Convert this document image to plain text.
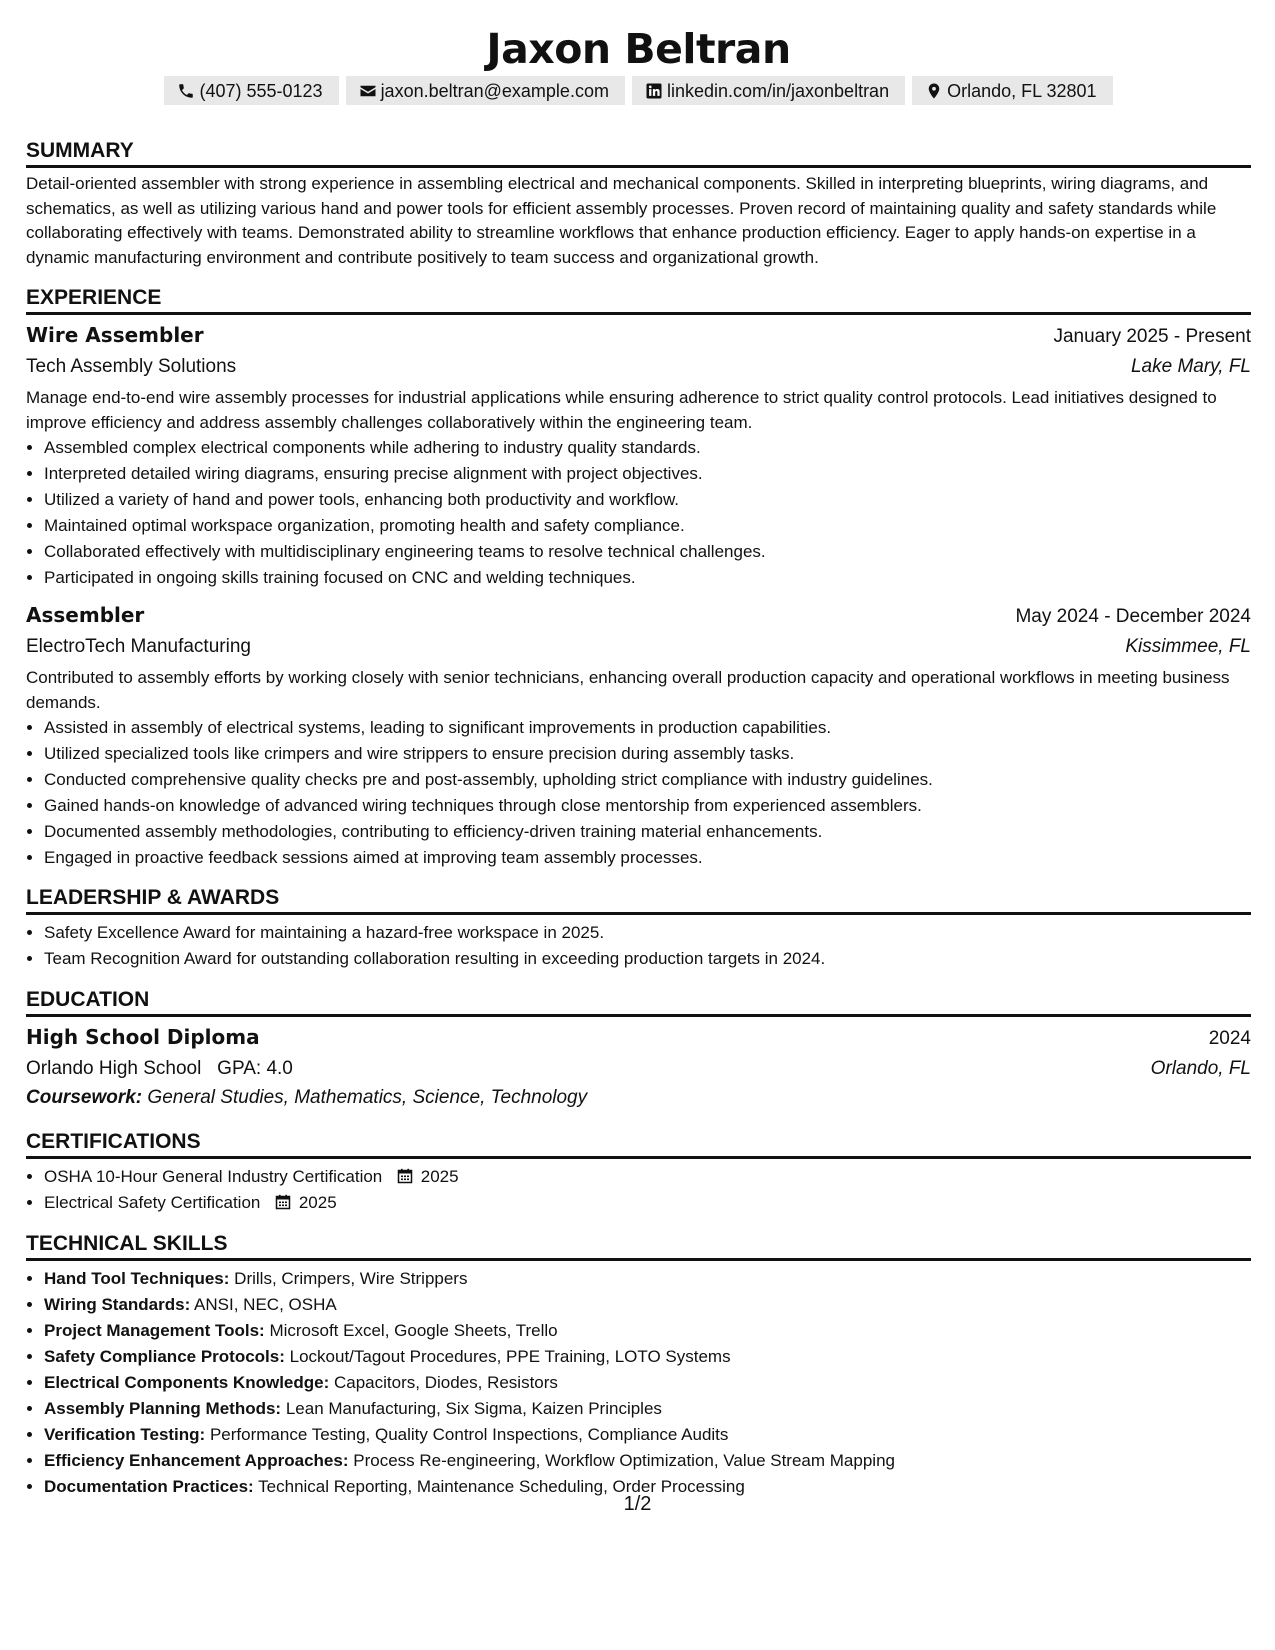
Jaxon Beltran
(407) 555-0123	jaxon.beltran@example.com	linkedin.com/in/jaxonbeltran	Orlando, FL 32801
SUMMARY

Detail-oriented assembler with strong experience in assembling electrical and mechanical components. Skilled in interpreting blueprints, wiring diagrams, and schematics, as well as utilizing various hand and power tools for efficient assembly processes. Proven record of maintaining quality and safety standards while collaborating effectively with teams. Demonstrated ability to streamline workflows that enhance production efficiency. Eager to apply hands-on expertise in a dynamic manufacturing environment and contribute positively to team success and organizational growth.

EXPERIENCE
Wire Assembler	January 2025 - Present
Tech Assembly Solutions	Lake Mary, FL

Manage end-to-end wire assembly processes for industrial applications while ensuring adherence to strict quality control protocols. Lead initiatives designed to improve efficiency and address assembly challenges collaboratively within the engineering team.

• Assembled complex electrical components while adhering to industry quality standards.
• Interpreted detailed wiring diagrams, ensuring precise alignment with project objectives.
• Utilized a variety of hand and power tools, enhancing both productivity and workflow.
• Maintained optimal workspace organization, promoting health and safety compliance.
• Collaborated effectively with multidisciplinary engineering teams to resolve technical challenges.
• Participated in ongoing skills training focused on CNC and welding techniques.
Assembler	May 2024 - December 2024
ElectroTech Manufacturing	Kissimmee, FL

Contributed to assembly efforts by working closely with senior technicians, enhancing overall production capacity and operational workflows in meeting business demands.

• Assisted in assembly of electrical systems, leading to significant improvements in production capabilities.
• Utilized specialized tools like crimpers and wire strippers to ensure precision during assembly tasks.
• Conducted comprehensive quality checks pre and post-assembly, upholding strict compliance with industry guidelines.
• Gained hands-on knowledge of advanced wiring techniques through close mentorship from experienced assemblers.
• Documented assembly methodologies, contributing to efficiency-driven training material enhancements.
• Engaged in proactive feedback sessions aimed at improving team assembly processes.
LEADERSHIP & AWARDS
• Safety Excellence Award for maintaining a hazard-free workspace in 2025.
• Team Recognition Award for outstanding collaboration resulting in exceeding production targets in 2024.
EDUCATION
High School Diploma	2024
Orlando High School GPA: 4.0	Orlando, FL
Coursework: General Studies, Mathematics, Science, Technology
CERTIFICATIONS
• OSHA 10-Hour General Industry Certification 2025
• Electrical Safety Certification 2025
TECHNICAL SKILLS
• Hand Tool Techniques: Drills, Crimpers, Wire Strippers
• Wiring Standards: ANSI, NEC, OSHA
• Project Management Tools: Microsoft Excel, Google Sheets, Trello
• Safety Compliance Protocols: Lockout/Tagout Procedures, PPE Training, LOTO Systems
• Electrical Components Knowledge: Capacitors, Diodes, Resistors
• Assembly Planning Methods: Lean Manufacturing, Six Sigma, Kaizen Principles
• Verification Testing: Performance Testing, Quality Control Inspections, Compliance Audits
• Efficiency Enhancement Approaches: Process Re-engineering, Workflow Optimization, Value Stream Mapping
• Documentation Practices: Technical Reporting, Maintenance Scheduling, Order Processing
1/2
